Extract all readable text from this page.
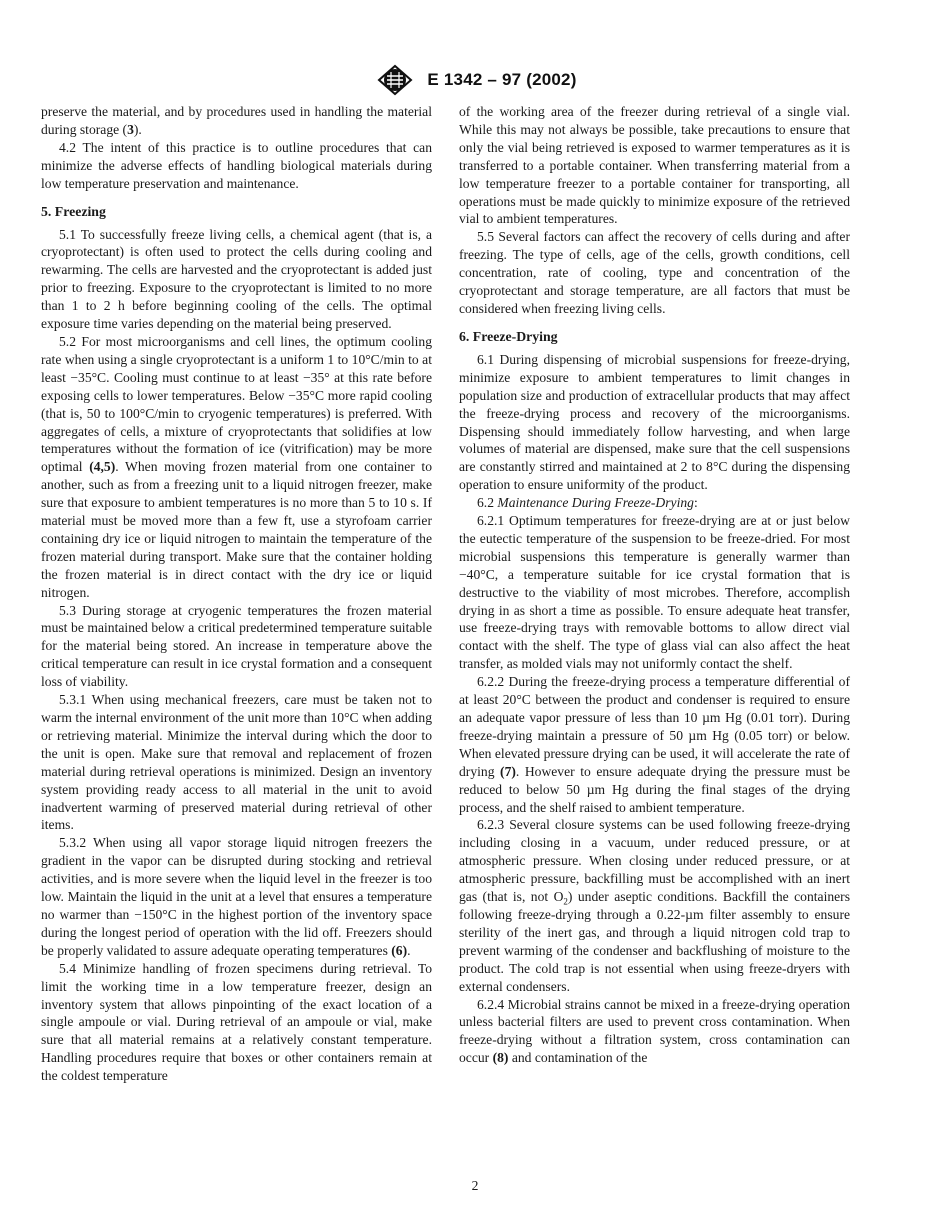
E 1342 – 97 (2002)

preserve the material, and by procedures used in handling the material during storage (3).

4.2 The intent of this practice is to outline procedures that can minimize the adverse effects of handling biological materials during low temperature preservation and maintenance.

5. Freezing

5.1 To successfully freeze living cells, a chemical agent (that is, a cryoprotectant) is often used to protect the cells during cooling and rewarming. The cells are harvested and the cryoprotectant is added just prior to freezing. Exposure to the cryoprotectant is limited to no more than 1 to 2 h before beginning cooling of the cells. The optimal exposure time varies depending on the material being preserved.

5.2 For most microorganisms and cell lines, the optimum cooling rate when using a single cryoprotectant is a uniform 1 to 10°C/min to at least −35°C. Cooling must continue to at least −35° at this rate before exposing cells to lower temperatures. Below −35°C more rapid cooling (that is, 50 to 100°C/min to cryogenic temperatures) is preferred. With aggregates of cells, a mixture of cryoprotectants that solidifies at low temperatures without the formation of ice (vitrification) may be more optimal (4,5). When moving frozen material from one container to another, such as from a freezing unit to a liquid nitrogen freezer, make sure that exposure to ambient temperatures is no more than 5 to 10 s. If material must be moved more than a few ft, use a styrofoam carrier containing dry ice or liquid nitrogen to maintain the temperature of the frozen material during transport. Make sure that the container holding the frozen material is in direct contact with the dry ice or liquid nitrogen.

5.3 During storage at cryogenic temperatures the frozen material must be maintained below a critical predetermined temperature suitable for the material being stored. An increase in temperature above the critical temperature can result in ice crystal formation and a consequent loss of viability.

5.3.1 When using mechanical freezers, care must be taken not to warm the internal environment of the unit more than 10°C when adding or retrieving material. Minimize the interval during which the door to the unit is open. Make sure that removal and replacement of frozen material during retrieval operations is minimized. Design an inventory system providing ready access to all material in the unit to avoid inadvertent warming of preserved material during retrieval of other items.

5.3.2 When using all vapor storage liquid nitrogen freezers the gradient in the vapor can be disrupted during stocking and retrieval activities, and is more severe when the liquid level in the freezer is too low. Maintain the liquid in the unit at a level that ensures a temperature no warmer than −150°C in the highest portion of the inventory space during the longest period of operation with the lid off. Freezers should be properly validated to assure adequate operating temperatures (6).

5.4 Minimize handling of frozen specimens during retrieval. To limit the working time in a low temperature freezer, design an inventory system that allows pinpointing of the exact location of a single ampoule or vial. During retrieval of an ampoule or vial, make sure that all material remains at a relatively constant temperature. Handling procedures require that boxes or other containers remain at the coldest temperature

of the working area of the freezer during retrieval of a single vial. While this may not always be possible, take precautions to ensure that only the vial being retrieved is exposed to warmer temperatures as it is transferred to a portable container. When transferring material from a low temperature freezer to a portable container for transporting, all operations must be made quickly to minimize exposure of the retrieved vial to ambient temperatures.

5.5 Several factors can affect the recovery of cells during and after freezing. The type of cells, age of the cells, growth conditions, cell concentration, rate of cooling, type and concentration of the cryoprotectant and storage temperature, are all factors that must be considered when freezing living cells.

6. Freeze-Drying

6.1 During dispensing of microbial suspensions for freeze-drying, minimize exposure to ambient temperatures to limit changes in population size and production of extracellular products that may affect the freeze-drying process and recovery of the microorganisms. Dispensing should immediately follow harvesting, and when large volumes of material are dispensed, make sure that the cell suspensions are constantly stirred and maintained at 2 to 8°C during the dispensing operation to ensure uniformity of the product.

6.2 Maintenance During Freeze-Drying:

6.2.1 Optimum temperatures for freeze-drying are at or just below the eutectic temperature of the suspension to be freeze-dried. For most microbial suspensions this temperature is generally warmer than −40°C, a temperature suitable for ice crystal formation that is destructive to the viability of most microbes. Therefore, accomplish drying in as short a time as possible. To ensure adequate heat transfer, use freeze-drying trays with removable bottoms to allow direct vial contact with the shelf. The type of glass vial can also affect the heat transfer, as molded vials may not uniformly contact the shelf.

6.2.2 During the freeze-drying process a temperature differential of at least 20°C between the product and condenser is required to ensure an adequate vapor pressure of less than 10 µm Hg (0.01 torr). During freeze-drying maintain a pressure of 50 µm Hg (0.05 torr) or below. When elevated pressure drying can be used, it will accelerate the rate of drying (7). However to ensure adequate drying the pressure must be reduced to below 50 µm Hg during the final stages of the drying process, and the shelf raised to ambient temperature.

6.2.3 Several closure systems can be used following freeze-drying including closing in a vacuum, under reduced pressure, or at atmospheric pressure. When closing under reduced pressure, or at atmospheric pressure, backfilling must be accomplished with an inert gas (that is, not $O_2$) under aseptic conditions. Backfill the containers following freeze-drying through a 0.22-µm filter assembly to ensure sterility of the inert gas, and through a liquid nitrogen cold trap to prevent warming of the condenser and backflushing of moisture to the product. The cold trap is not essential when using freeze-dryers with external condensers.

6.2.4 Microbial strains cannot be mixed in a freeze-drying operation unless bacterial filters are used to prevent cross contamination. When freeze-drying without a filtration system, cross contamination can occur (8) and contamination of the

2
